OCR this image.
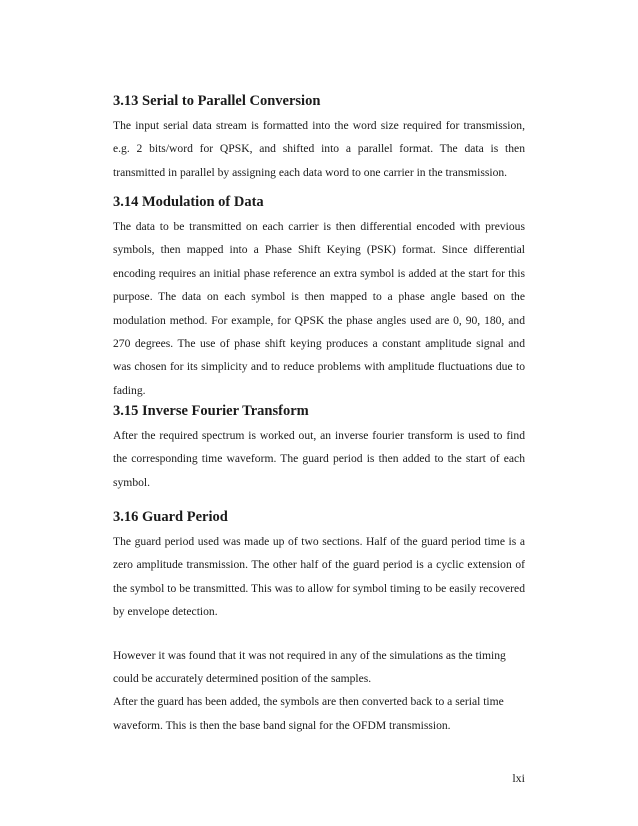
3.13 Serial to Parallel Conversion

The input serial data stream is formatted into the word size required for transmission, e.g. 2 bits/word for QPSK, and shifted into a parallel format. The data is then transmitted in parallel by assigning each data word to one carrier in the transmission.

3.14 Modulation of Data

The data to be transmitted on each carrier is then differential encoded with previous symbols, then mapped into a Phase Shift Keying (PSK) format. Since differential encoding requires an initial phase reference an extra symbol is added at the start for this purpose. The data on each symbol is then mapped to a phase angle based on the modulation method. For example, for QPSK the phase angles used are 0, 90, 180, and 270 degrees. The use of phase shift keying produces a constant amplitude signal and was chosen for its simplicity and to reduce problems with amplitude fluctuations due to fading.

3.15 Inverse Fourier Transform

After the required spectrum is worked out, an inverse fourier transform is used to find the corresponding time waveform. The guard period is then added to the start of each symbol.

3.16 Guard Period

The guard period used was made up of two sections. Half of the guard period time is a zero amplitude transmission. The other half of the guard period is a cyclic extension of the symbol to be transmitted. This was to allow for symbol timing to be easily recovered by envelope detection.

However it was found that it was not required in any of the simulations as the timing could be accurately determined position of the samples.

After the guard has been added, the symbols are then converted back to a serial time waveform. This is then the base band signal for the OFDM transmission.

lxi
